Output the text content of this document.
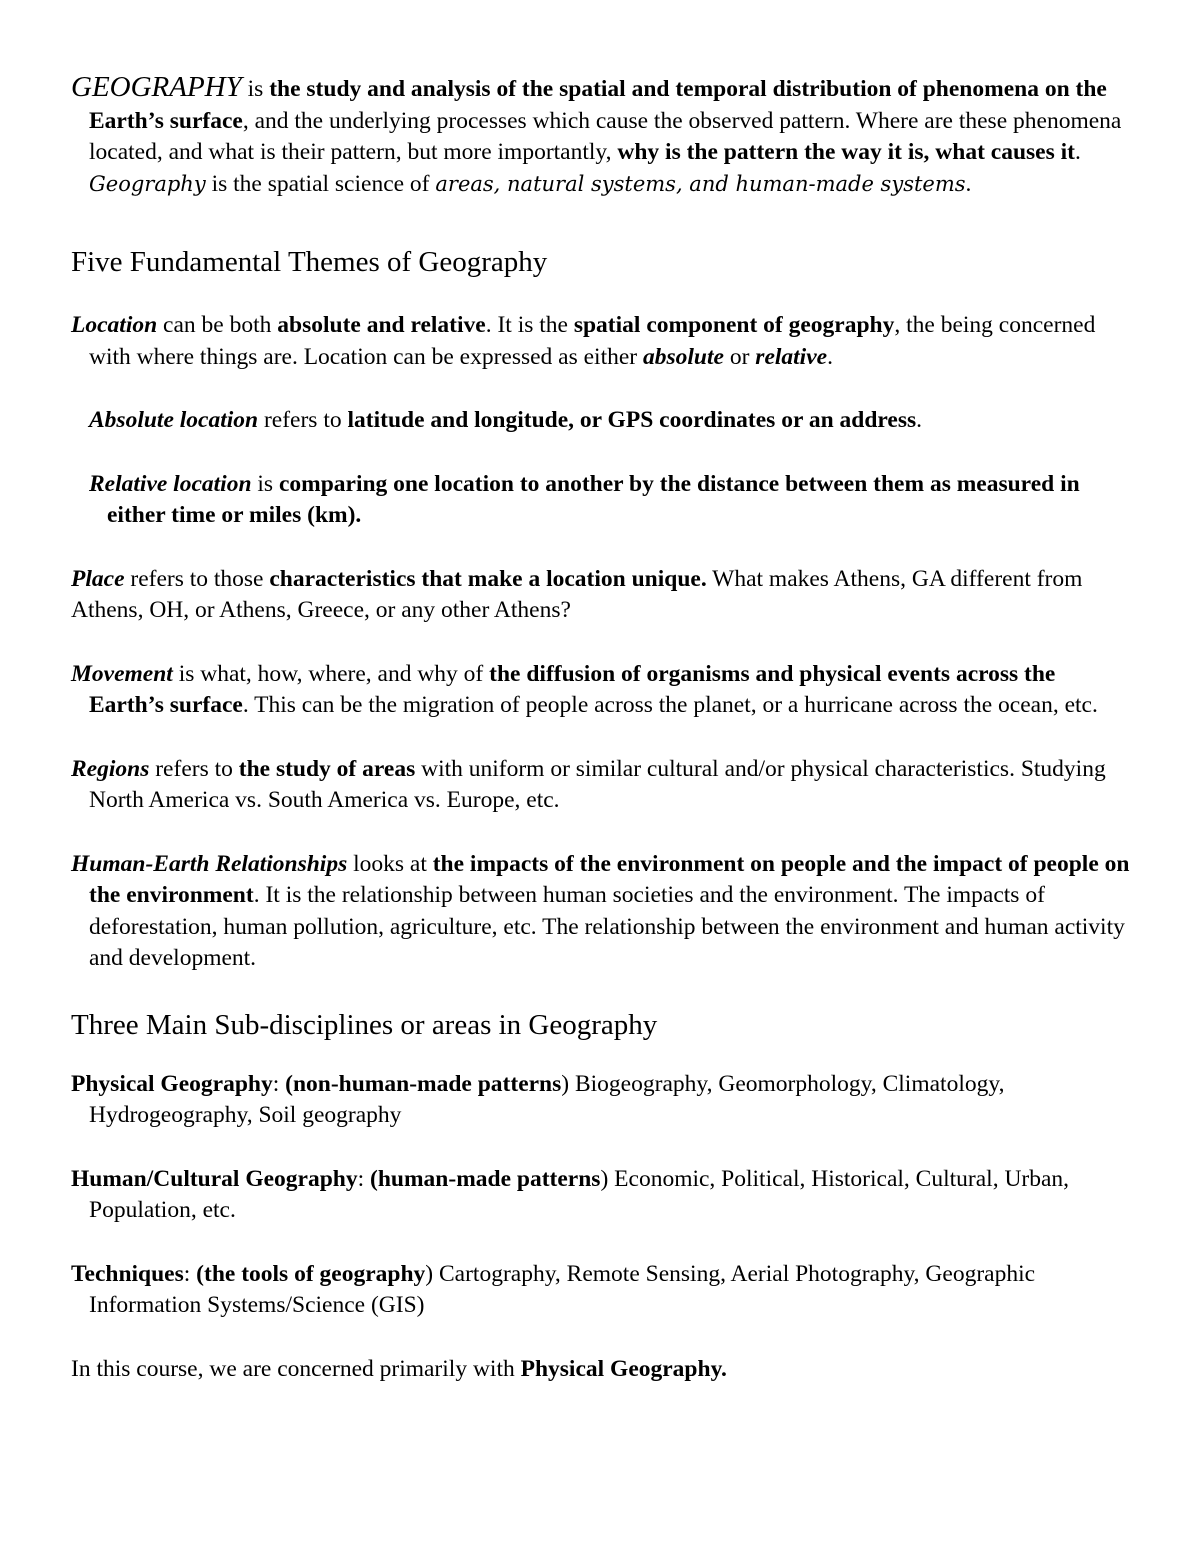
GEOGRAPHY is the study and analysis of the spatial and temporal distribution of phenomena on the Earth’s surface, and the underlying processes which cause the observed pattern. Where are these phenomena located, and what is their pattern, but more importantly, why is the pattern the way it is, what causes it. Geography is the spatial science of areas, natural systems, and human-made systems.

Five Fundamental Themes of Geography

Location can be both absolute and relative. It is the spatial component of geography, the being concerned with where things are. Location can be expressed as either absolute or relative.

Absolute location refers to latitude and longitude, or GPS coordinates or an address.

Relative location is comparing one location to another by the distance between them as measured in either time or miles (km).

Place refers to those characteristics that make a location unique. What makes Athens, GA different from Athens, OH, or Athens, Greece, or any other Athens?

Movement is what, how, where, and why of the diffusion of organisms and physical events across the Earth’s surface. This can be the migration of people across the planet, or a hurricane across the ocean, etc.

Regions refers to the study of areas with uniform or similar cultural and/or physical characteristics. Studying North America vs. South America vs. Europe, etc.

Human-Earth Relationships looks at the impacts of the environment on people and the impact of people on the environment. It is the relationship between human societies and the environment. The impacts of deforestation, human pollution, agriculture, etc. The relationship between the environment and human activity and development.

Three Main Sub-disciplines or areas in Geography

Physical Geography: (non-human-made patterns) Biogeography, Geomorphology, Climatology, Hydrogeography, Soil geography

Human/Cultural Geography: (human-made patterns) Economic, Political, Historical, Cultural, Urban, Population, etc.

Techniques: (the tools of geography) Cartography, Remote Sensing, Aerial Photography, Geographic Information Systems/Science (GIS)

In this course, we are concerned primarily with Physical Geography.
